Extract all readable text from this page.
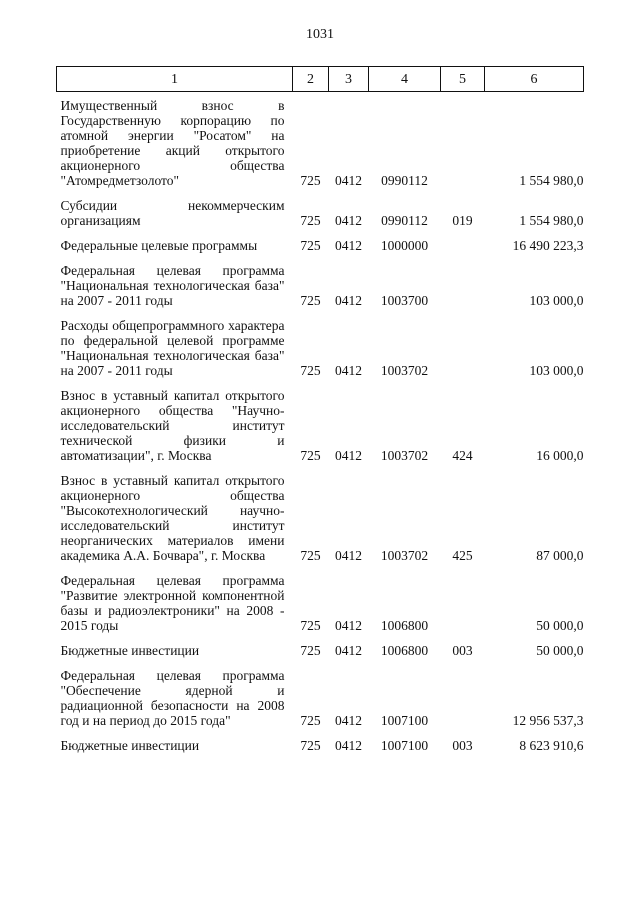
1031
1	2	3	4	5	6
Имущественный взнос в Государственную корпорацию по атомной энергии "Росатом" на приобретение акций открытого акционерного общества "Атомредметзолото"	725	0412	0990112		1 554 980,0
Субсидии некоммерческим организациям	725	0412	0990112	019	1 554 980,0
Федеральные целевые программы	725	0412	1000000		16 490 223,3
Федеральная целевая программа "Национальная технологическая база" на 2007 - 2011 годы	725	0412	1003700		103 000,0
Расходы общепрограммного характера по федеральной целевой программе "Национальная технологическая база" на 2007 - 2011 годы	725	0412	1003702		103 000,0
Взнос в уставный капитал открытого акционерного общества "Научно-исследовательский институт технической физики и автоматизации", г. Москва	725	0412	1003702	424	16 000,0
Взнос в уставный капитал открытого акционерного общества "Высокотехнологический научно-исследовательский институт неорганических материалов имени академика А.А. Бочвара", г. Москва	725	0412	1003702	425	87 000,0
Федеральная целевая программа "Развитие электронной компонентной базы и радиоэлектроники" на 2008 - 2015 годы	725	0412	1006800		50 000,0
Бюджетные инвестиции	725	0412	1006800	003	50 000,0
Федеральная целевая программа "Обеспечение ядерной и радиационной безопасности на 2008 год и на период до 2015 года"	725	0412	1007100		12 956 537,3
Бюджетные инвестиции	725	0412	1007100	003	8 623 910,6
